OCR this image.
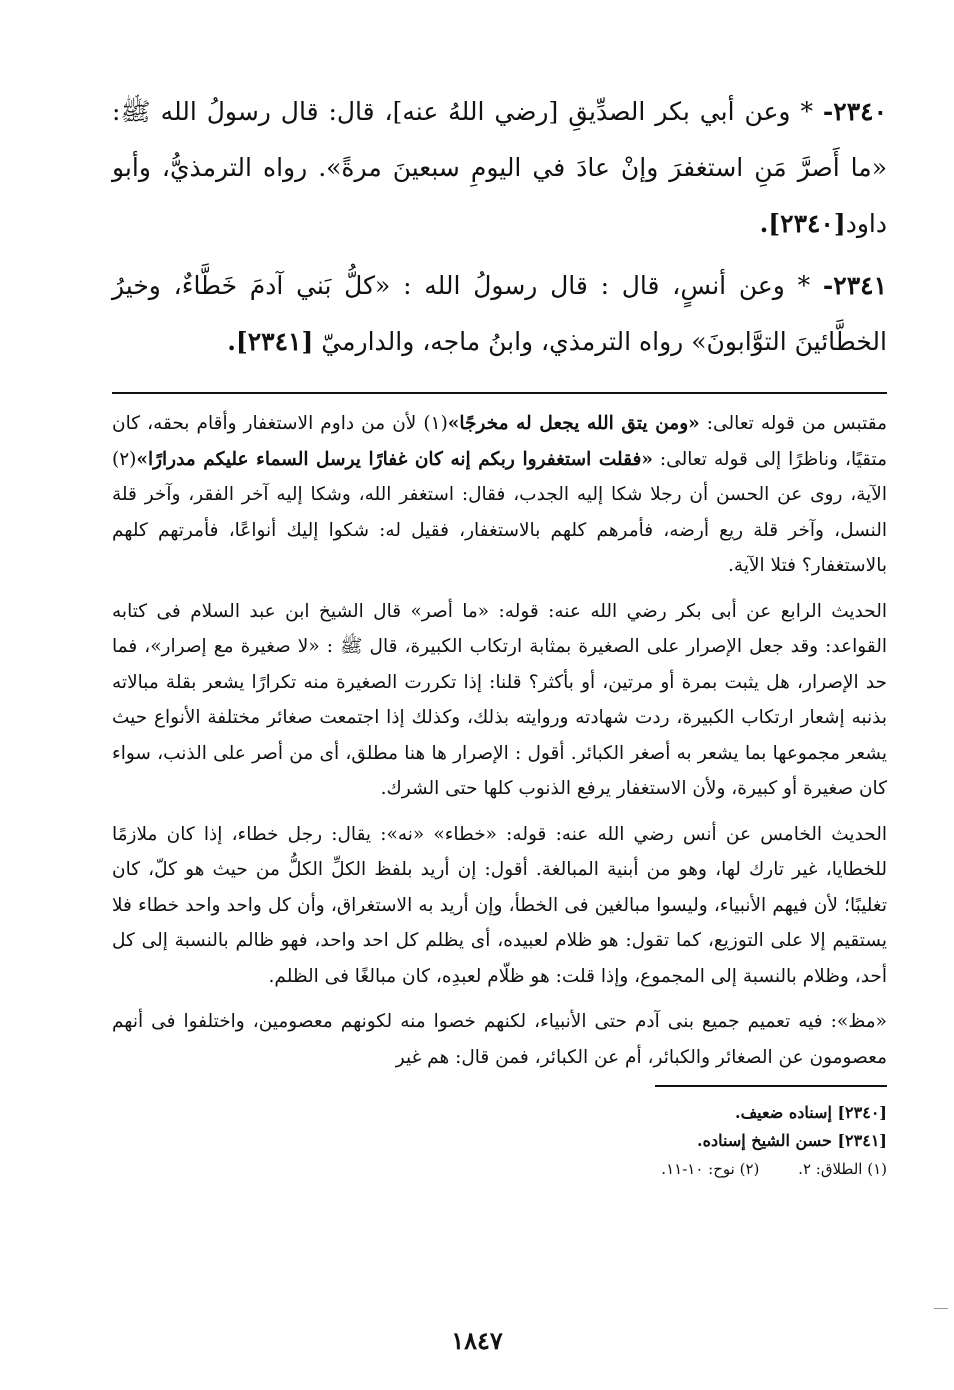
٢٣٤٠- * وعن أبي بكر الصدِّيقِ [رضي اللهُ عنه]، قال: قال رسولُ الله ﷺ: «ما أَصرَّ مَنِ استغفرَ وإنْ عادَ في اليومِ سبعينَ مرةً». رواه الترمذيُّ، وأبو داود[٢٣٤٠].

٢٣٤١- * وعن أنسٍ، قال : قال رسولُ الله : «كلُّ بَني آدمَ خَطَّاءٌ، وخيرُ الخطَّائينَ التوَّابونَ» رواه الترمذي، وابنُ ماجه، والدارميّ [٢٣٤١].

مقتبس من قوله تعالى: «ومن يتق الله يجعل له مخرجًا»(١) لأن من داوم الاستغفار وأقام بحقه، كان متقيًا، وناظرًا إلى قوله تعالى: «فقلت استغفروا ربكم إنه كان غفارًا يرسل السماء عليكم مدرارًا»(٢) الآية، روى عن الحسن أن رجلا شكا إليه الجدب، فقال: استغفر الله، وشكا إليه آخر الفقر، وآخر قلة النسل، وآخر قلة ريع أرضه، فأمرهم كلهم بالاستغفار، فقيل له: شكوا إليك أنواعًا، فأمرتهم كلهم بالاستغفار؟ فتلا الآية.

الحديث الرابع عن أبى بكر رضي الله عنه: قوله: «ما أصر» قال الشيخ ابن عبد السلام فى كتابه القواعد: وقد جعل الإصرار على الصغيرة بمثابة ارتكاب الكبيرة، قال ﷺ : «لا صغيرة مع إصرار»، فما حد الإصرار، هل يثبت بمرة أو مرتين، أو بأكثر؟ قلنا: إذا تكررت الصغيرة منه تكرارًا يشعر بقلة مبالاته بذنبه إشعار ارتكاب الكبيرة، ردت شهادته وروايته بذلك، وكذلك إذا اجتمعت صغائر مختلفة الأنواع حيث يشعر مجموعها بما يشعر به أصغر الكبائر. أقول : الإصرار ها هنا مطلق، أى من أصر على الذنب، سواء كان صغيرة أو كبيرة، ولأن الاستغفار يرفع الذنوب كلها حتى الشرك.

الحديث الخامس عن أنس رضي الله عنه: قوله: «خطاء» «نه»: يقال: رجل خطاء، إذا كان ملازمًا للخطايا، غير تارك لها، وهو من أبنية المبالغة. أقول: إن أريد بلفظ الكلِّ الكلُّ من حيث هو كلّ، كان تغليبًا؛ لأن فيهم الأنبياء، وليسوا مبالغين فى الخطأ، وإن أريد به الاستغراق، وأن كل واحد واحد خطاء فلا يستقيم إلا على التوزيع، كما تقول: هو ظلام لعبيده، أى يظلم كل احد واحد، فهو ظالم بالنسبة إلى كل أحد، وظلام بالنسبة إلى المجموع، وإذا قلت: هو ظلّام لعبدِه، كان مبالغًا فى الظلم.

«مظ»: فيه تعميم جميع بنى آدم حتى الأنبياء، لكنهم خصوا منه لكونهم معصومين، واختلفوا فى أنهم معصومون عن الصغائر والكبائر، أم عن الكبائر، فمن قال: هم غير

[٢٣٤٠] إسناده ضعيف.

[٢٣٤١] حسن الشيخ إسناده.

(١) الطلاق: ٢. (٢) نوح: ١٠-١١.

١٨٤٧
